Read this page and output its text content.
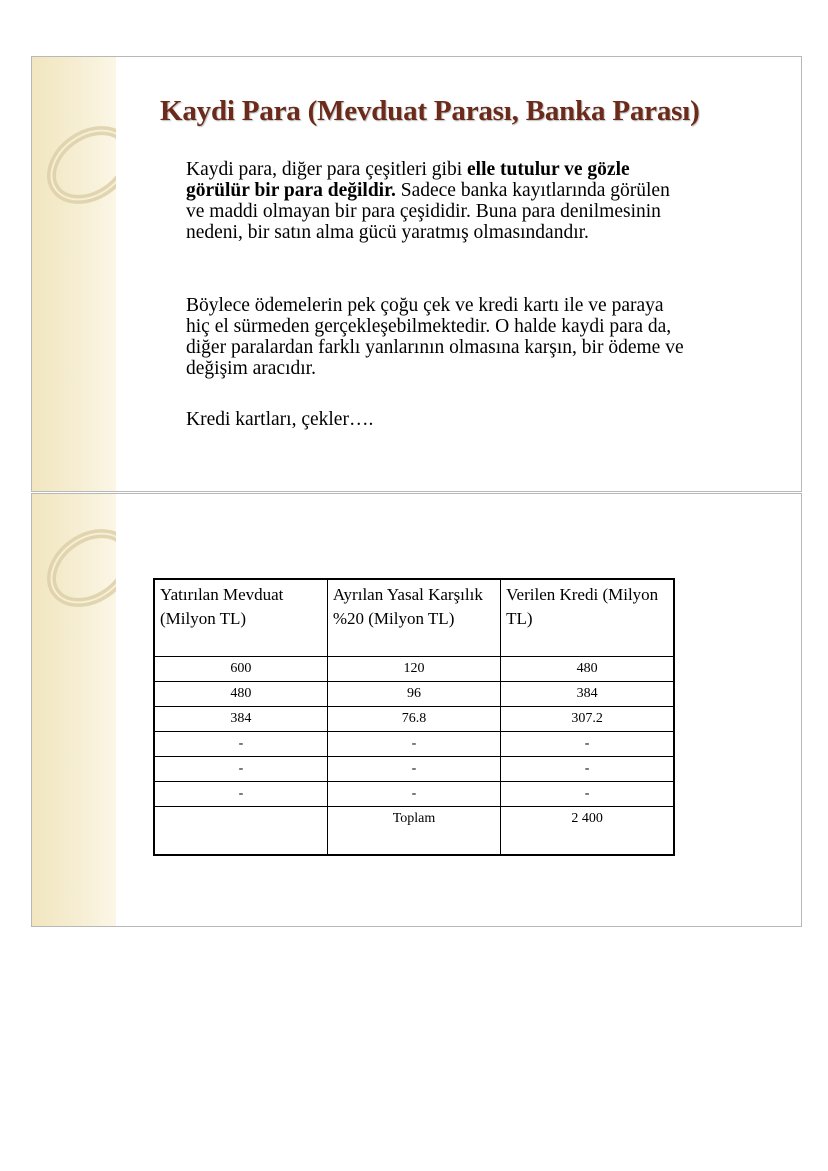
Kaydi Para (Mevduat Parası, Banka Parası)

Kaydi para, diğer para çeşitleri gibi elle tutulur ve gözle görülür bir para değildir. Sadece banka kayıtlarında görülen ve maddi olmayan bir para çeşididir. Buna para denilmesinin nedeni, bir satın alma gücü yaratmış olmasındandır.

Böylece ödemelerin pek çoğu çek ve kredi kartı ile ve paraya hiç el sürmeden gerçekleşebilmektedir. O halde kaydi para da, diğer paralardan farklı yanlarının olmasına karşın, bir ödeme ve değişim aracıdır.

Kredi kartları, çekler….

Yatırılan Mevduat (Milyon TL)	Ayrılan Yasal Karşılık %20 (Milyon TL)	Verilen Kredi (Milyon TL)
600	120	480
480	96	384
384	76.8	307.2
-	-	-
-	-	-
-	-	-
	Toplam	2 400
